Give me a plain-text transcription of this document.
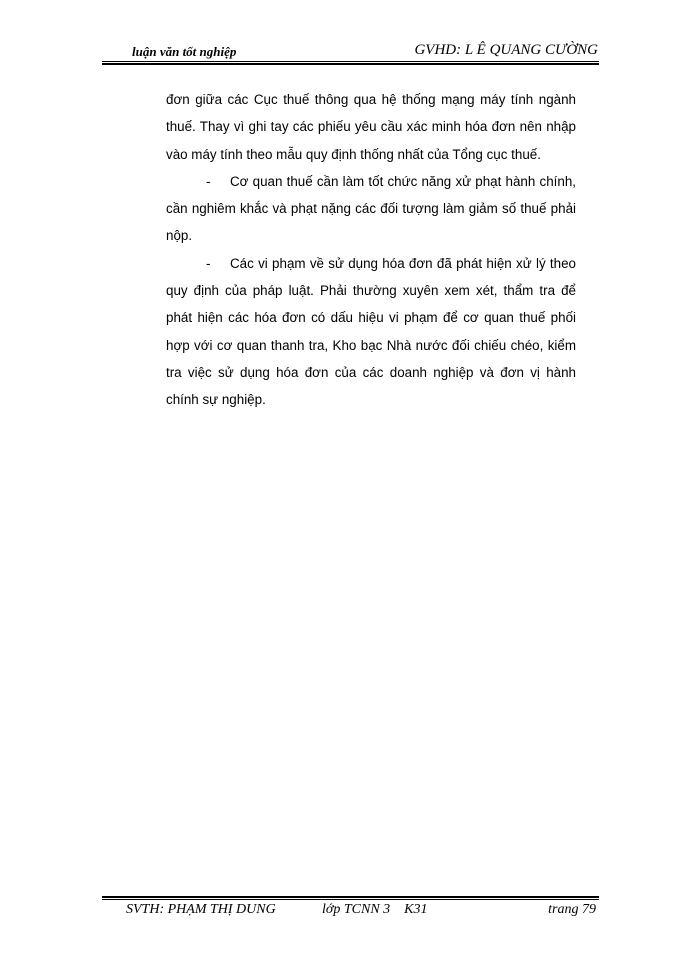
luận văn tốt nghiệp	GVHD: L Ê QUANG CƯỜNG

đơn giữa các Cục thuế thông qua hệ thống mạng máy tính ngành thuế. Thay vì ghi tay các phiếu yêu cầu xác minh hóa đơn nên nhập vào máy tính theo mẫu quy định thống nhất của Tổng cục thuế.

- Cơ quan thuế cần làm tốt chức năng xử phạt hành chính, cần nghiêm khắc và phạt nặng các đối tượng làm giảm số thuế phải nộp.

- Các vi phạm về sử dụng hóa đơn đã phát hiện xử lý theo quy định của pháp luật. Phải thường xuyên xem xét, thẩm tra để phát hiện các hóa đơn có dấu hiệu vi phạm để cơ quan thuế phối hợp với cơ quan thanh tra, Kho bạc Nhà nước đối chiếu chéo, kiểm tra việc sử dụng hóa đơn của các doanh nghiệp và đơn vị hành chính sự nghiệp.

SVTH: PHẠM THỊ DUNG	lớp TCNN 3    K31	trang 79
